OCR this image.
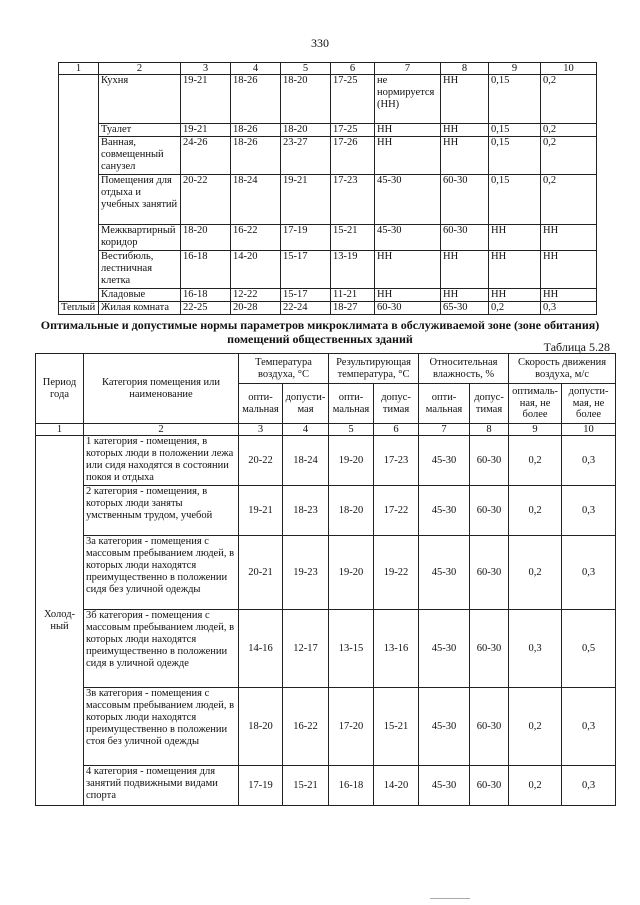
330
1	2	3	4	5	6	7	8	9	10
	Кухня	19-21	18-26	18-20	17-25	не нормируется (НН)	НН	0,15	0,2
	Туалет	19-21	18-26	18-20	17-25	НН	НН	0,15	0,2
	Ванная, совмещенный санузел	24-26	18-26	23-27	17-26	НН	НН	0,15	0,2
	Помещения для отдыха и учебных занятий	20-22	18-24	19-21	17-23	45-30	60-30	0,15	0,2
	Межквартирный коридор	18-20	16-22	17-19	15-21	45-30	60-30	НН	НН
	Вестибюль, лестничная клетка	16-18	14-20	15-17	13-19	НН	НН	НН	НН
	Кладовые	16-18	12-22	15-17	11-21	НН	НН	НН	НН
Теплый	Жилая комната	22-25	20-28	22-24	18-27	60-30	65-30	0,2	0,3
Оптимальные и допустимые нормы параметров микроклимата в обслуживаемой зоне (зоне обитания) помещений общественных зданий
Таблица 5.28
Период года	Категория помещения или наименование	Температура воздуха, °С		Результирующая температура, °С		Относительная влажность, %		Скорость движения воздуха, м/с	
		опти-мальная	допусти-мая	опти-мальная	допус-тимая	опти-мальная	допус-тимая	оптималь-ная, не более	допусти-мая, не более
1	2	3	4	5	6	7	8	9	10
Холод-ный	1 категория - помещения, в которых люди в положении лежа или сидя находятся в состоянии покоя и отдыха	20-22	18-24	19-20	17-23	45-30	60-30	0,2	0,3
	2 категория - помещения, в которых люди заняты умственным трудом, учебой	19-21	18-23	18-20	17-22	45-30	60-30	0,2	0,3
	3а категория - помещения с массовым пребыванием людей, в которых люди находятся преимущественно в положении сидя без уличной одежды	20-21	19-23	19-20	19-22	45-30	60-30	0,2	0,3
	3б категория - помещения с массовым пребыванием людей, в которых люди находятся преимущественно в положении сидя в уличной одежде	14-16	12-17	13-15	13-16	45-30	60-30	0,3	0,5
	3в категория - помещения с массовым пребыванием людей, в которых люди находятся преимущественно в положении стоя без уличной одежды	18-20	16-22	17-20	15-21	45-30	60-30	0,2	0,3
	4 категория - помещения для занятий подвижными видами спорта	17-19	15-21	16-18	14-20	45-30	60-30	0,2	0,3
